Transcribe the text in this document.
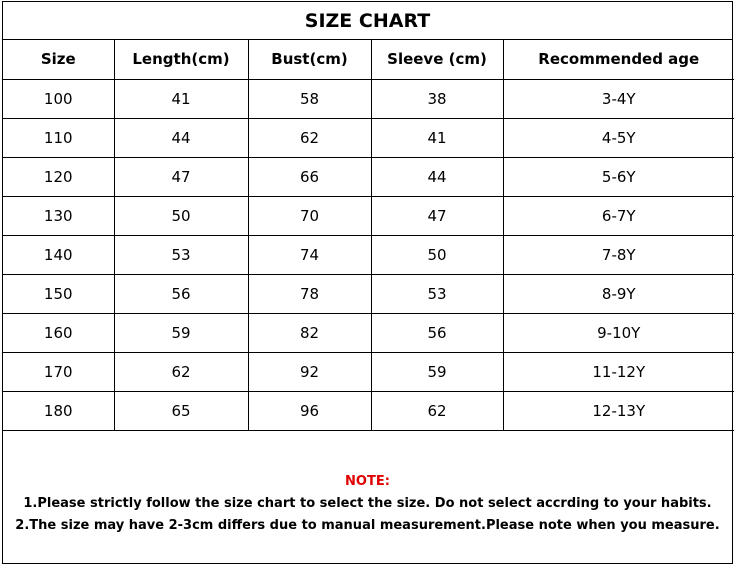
SIZE CHART
Size	Length(cm)	Bust(cm)	Sleeve (cm)	Recommended age
100	41	58	38	3-4Y
110	44	62	41	4-5Y
120	47	66	44	5-6Y
130	50	70	47	6-7Y
140	53	74	50	7-8Y
150	56	78	53	8-9Y
160	59	82	56	9-10Y
170	62	92	59	11-12Y
180	65	96	62	12-13Y
NOTE:
1.Please strictly follow the size chart to select the size. Do not select accrding to your habits.
2.The size may have 2-3cm differs due to manual measurement.Please note when you measure.
